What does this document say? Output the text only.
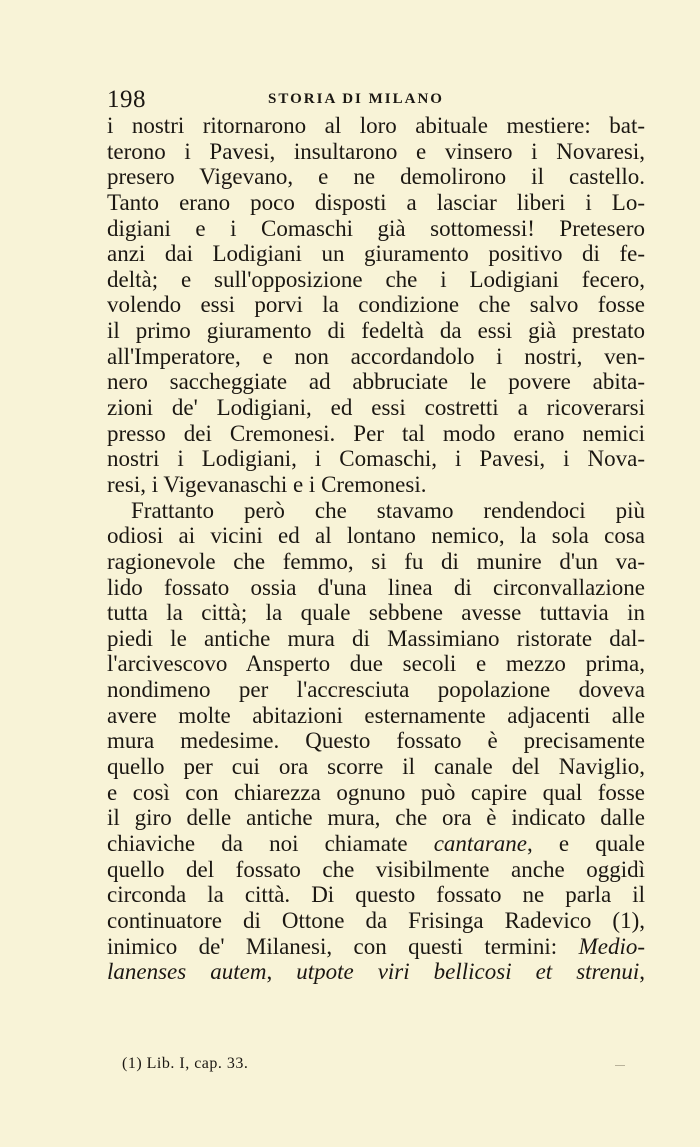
198	STORIA DI MILANO
i nostri ritornarono al loro abituale mestiere: bat-
terono i Pavesi, insultarono e vinsero i Novaresi,
presero Vigevano, e ne demolirono il castello.
Tanto erano poco disposti a lasciar liberi i Lo-
digiani e i Comaschi già sottomessi! Pretesero
anzi dai Lodigiani un giuramento positivo di fe-
deltà; e sull'opposizione che i Lodigiani fecero,
volendo essi porvi la condizione che salvo fosse
il primo giuramento di fedeltà da essi già prestato
all'Imperatore, e non accordandolo i nostri, ven-
nero saccheggiate ad abbruciate le povere abita-
zioni de' Lodigiani, ed essi costretti a ricoverarsi
presso dei Cremonesi. Per tal modo erano nemici
nostri i Lodigiani, i Comaschi, i Pavesi, i Nova-
resi, i Vigevanaschi e i Cremonesi.
Frattanto però che stavamo rendendoci più
odiosi ai vicini ed al lontano nemico, la sola cosa
ragionevole che femmo, si fu di munire d'un va-
lido fossato ossia d'una linea di circonvallazione
tutta la città; la quale sebbene avesse tuttavia in
piedi le antiche mura di Massimiano ristorate dal-
l'arcivescovo Ansperto due secoli e mezzo prima,
nondimeno per l'accresciuta popolazione doveva
avere molte abitazioni esternamente adjacenti alle
mura medesime. Questo fossato è precisamente
quello per cui ora scorre il canale del Naviglio,
e così con chiarezza ognuno può capire qual fosse
il giro delle antiche mura, che ora è indicato dalle
chiaviche da noi chiamate cantarane, e quale
quello del fossato che visibilmente anche oggidì
circonda la città. Di questo fossato ne parla il
continuatore di Ottone da Frisinga Radevico (1),
inimico de' Milanesi, con questi termini: Medio-
lanenses autem, utpote viri bellicosi et strenui,
(1) Lib. I, cap. 33.
